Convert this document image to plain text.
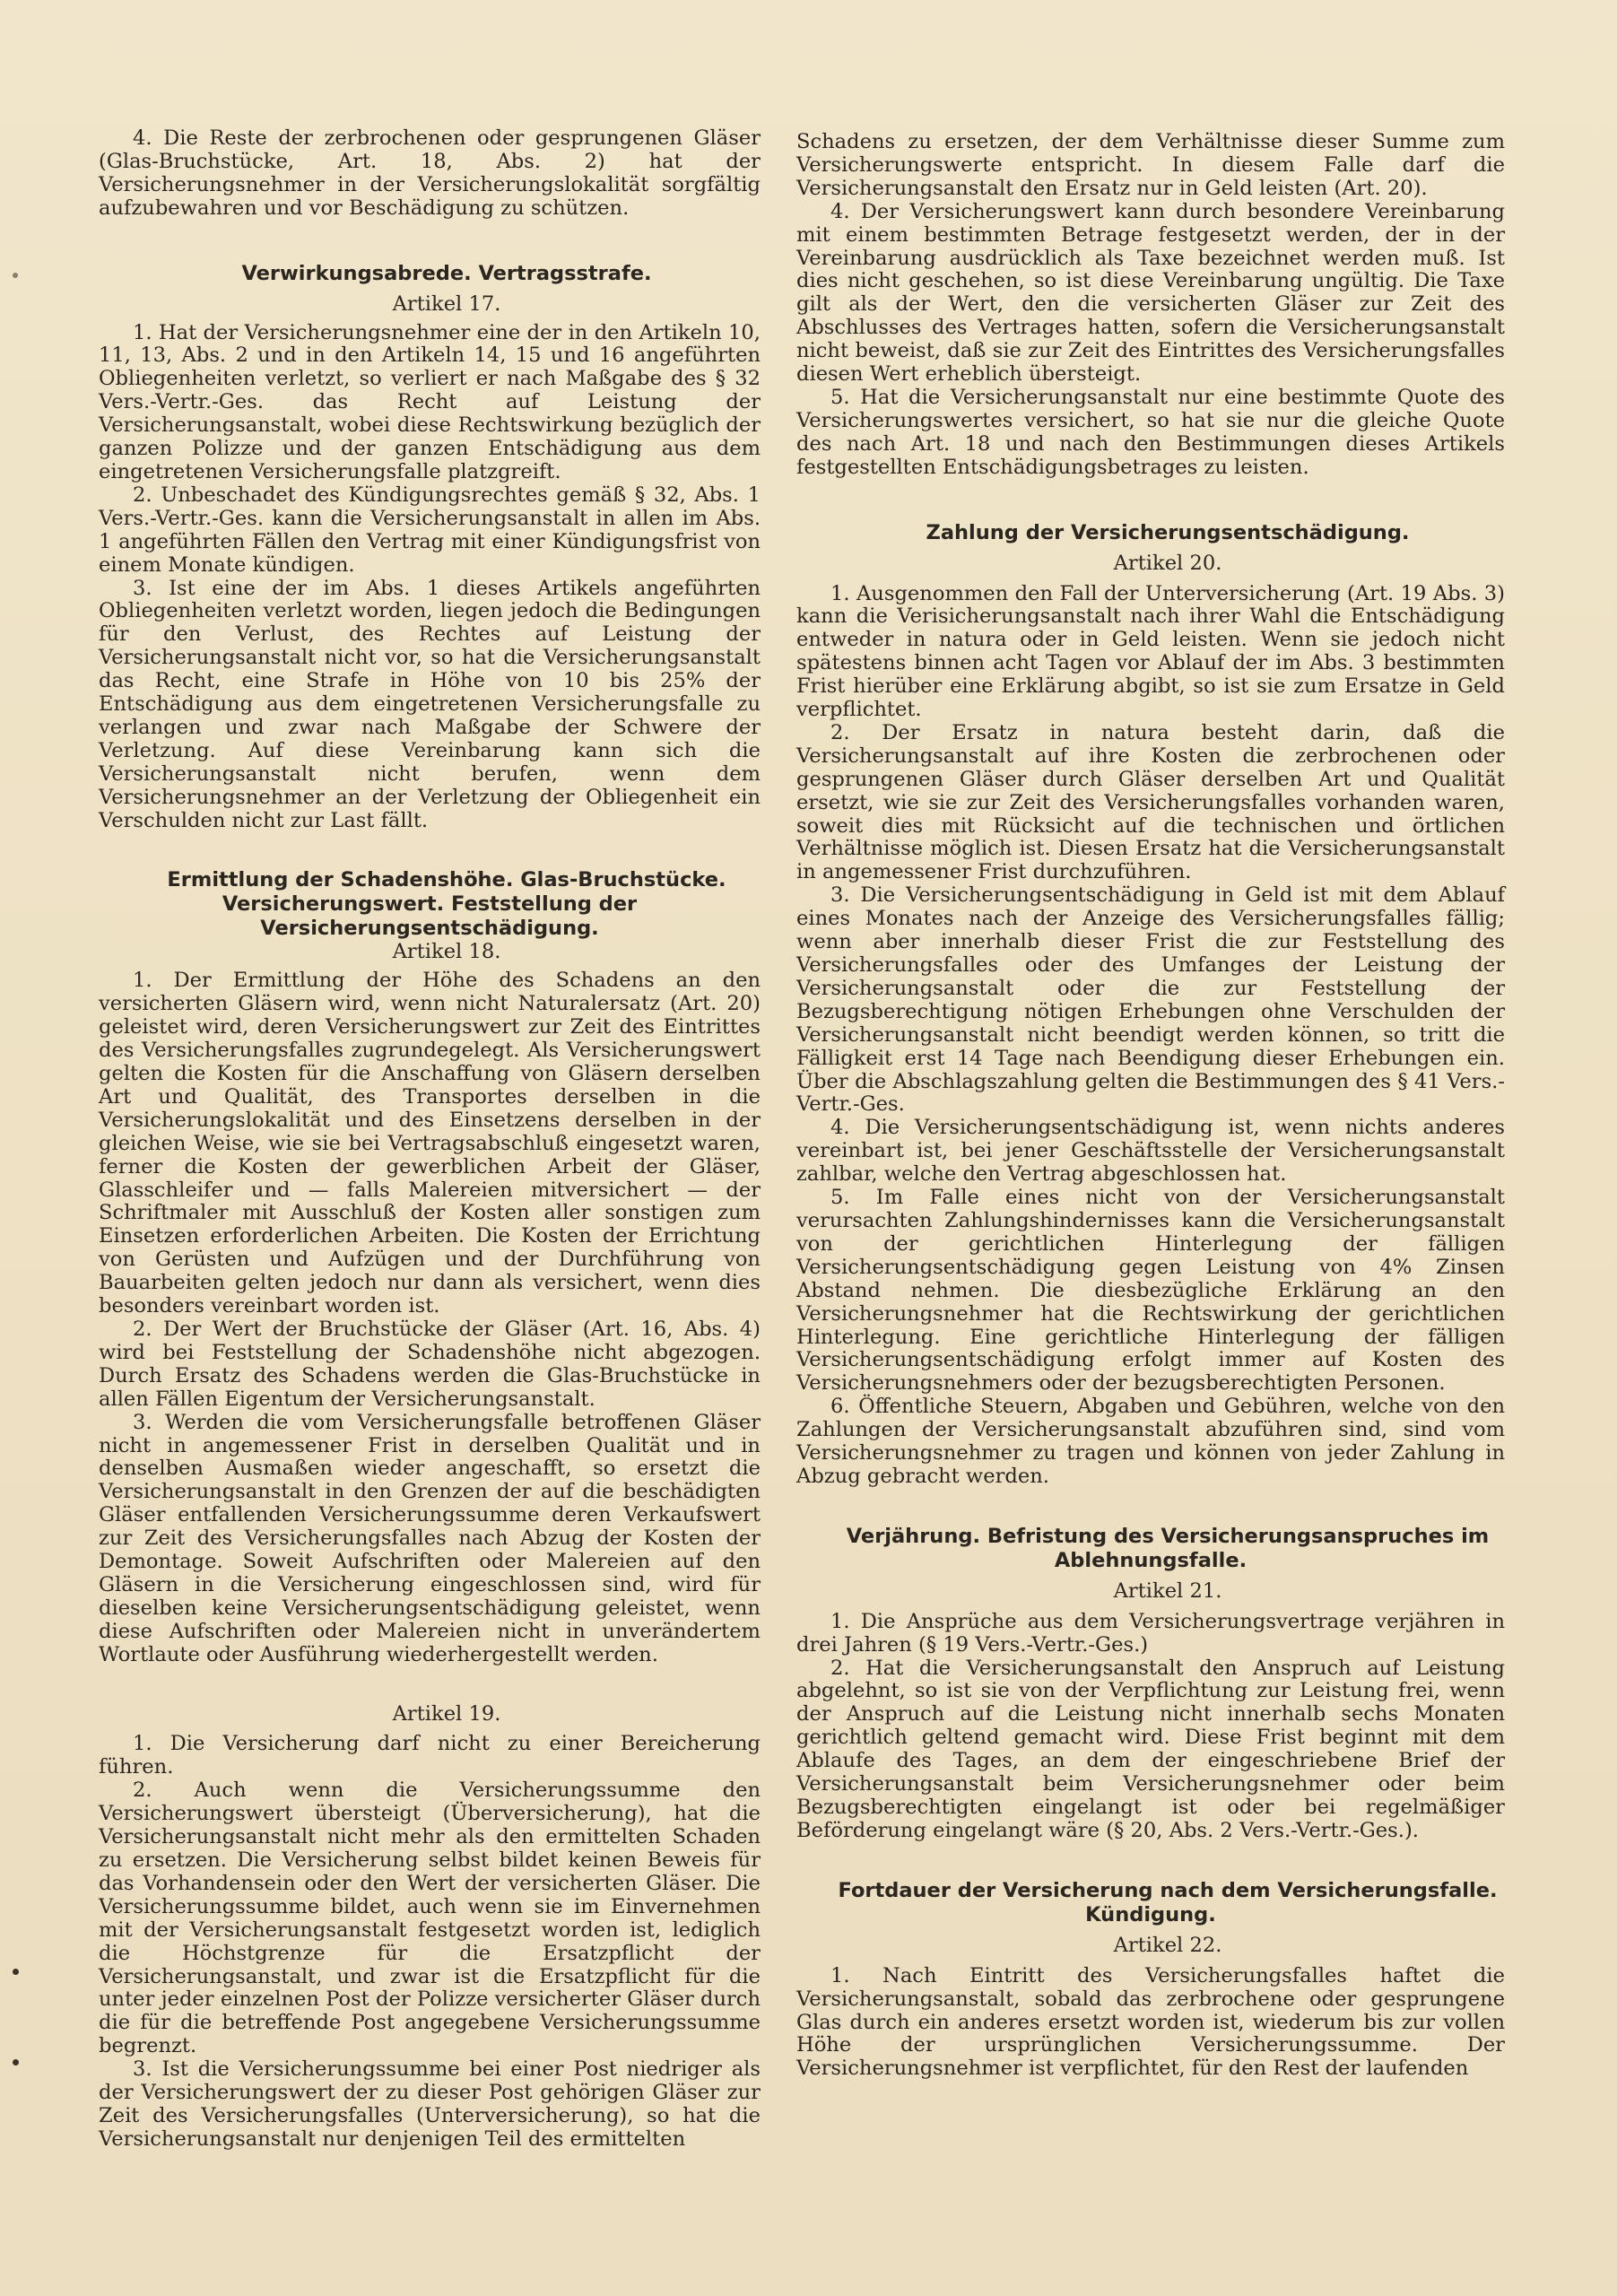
4. Die Reste der zerbrochenen oder gesprungenen Gläser (Glas-Bruchstücke, Art. 18, Abs. 2) hat der Versicherungsnehmer in der Versicherungslokalität sorgfältig aufzubewahren und vor Beschädigung zu schützen.

Verwirkungsabrede. Vertragsstrafe.

Artikel 17.

1. Hat der Versicherungsnehmer eine der in den Artikeln 10, 11, 13, Abs. 2 und in den Artikeln 14, 15 und 16 angeführten Obliegenheiten verletzt, so verliert er nach Maßgabe des § 32 Vers.-Vertr.-Ges. das Recht auf Leistung der Versicherungsanstalt, wobei diese Rechtswirkung bezüglich der ganzen Polizze und der ganzen Entschädigung aus dem eingetretenen Versicherungsfalle platzgreift.

2. Unbeschadet des Kündigungsrechtes gemäß § 32, Abs. 1 Vers.-Vertr.-Ges. kann die Versicherungsanstalt in allen im Abs. 1 angeführten Fällen den Vertrag mit einer Kündigungsfrist von einem Monate kündigen.

3. Ist eine der im Abs. 1 dieses Artikels angeführten Obliegenheiten verletzt worden, liegen jedoch die Bedingungen für den Verlust, des Rechtes auf Leistung der Versicherungsanstalt nicht vor, so hat die Versicherungsanstalt das Recht, eine Strafe in Höhe von 10 bis 25% der Entschädigung aus dem eingetretenen Versicherungsfalle zu verlangen und zwar nach Maßgabe der Schwere der Verletzung. Auf diese Vereinbarung kann sich die Versicherungsanstalt nicht berufen, wenn dem Versicherungsnehmer an der Verletzung der Obliegenheit ein Verschulden nicht zur Last fällt.

Ermittlung der Schadenshöhe. Glas-Bruchstücke. Versicherungswert. Feststellung der Versicherungsentschädigung.

Artikel 18.

1. Der Ermittlung der Höhe des Schadens an den versicherten Gläsern wird, wenn nicht Naturalersatz (Art. 20) geleistet wird, deren Versicherungswert zur Zeit des Eintrittes des Versicherungsfalles zugrundegelegt. Als Versicherungswert gelten die Kosten für die Anschaffung von Gläsern derselben Art und Qualität, des Transportes derselben in die Versicherungslokalität und des Einsetzens derselben in der gleichen Weise, wie sie bei Vertragsabschluß eingesetzt waren, ferner die Kosten der gewerblichen Arbeit der Gläser, Glasschleifer und — falls Malereien mitversichert — der Schriftmaler mit Ausschluß der Kosten aller sonstigen zum Einsetzen erforderlichen Arbeiten. Die Kosten der Errichtung von Gerüsten und Aufzügen und der Durchführung von Bauarbeiten gelten jedoch nur dann als versichert, wenn dies besonders vereinbart worden ist.

2. Der Wert der Bruchstücke der Gläser (Art. 16, Abs. 4) wird bei Feststellung der Schadenshöhe nicht abgezogen. Durch Ersatz des Schadens werden die Glas-Bruchstücke in allen Fällen Eigentum der Versicherungsanstalt.

3. Werden die vom Versicherungsfalle betroffenen Gläser nicht in angemessener Frist in derselben Qualität und in denselben Ausmaßen wieder angeschafft, so ersetzt die Versicherungsanstalt in den Grenzen der auf die beschädigten Gläser entfallenden Versicherungssumme deren Verkaufswert zur Zeit des Versicherungsfalles nach Abzug der Kosten der Demontage. Soweit Aufschriften oder Malereien auf den Gläsern in die Versicherung eingeschlossen sind, wird für dieselben keine Versicherungsentschädigung geleistet, wenn diese Aufschriften oder Malereien nicht in unverändertem Wortlaute oder Ausführung wiederhergestellt werden.

Artikel 19.

1. Die Versicherung darf nicht zu einer Bereicherung führen.

2. Auch wenn die Versicherungssumme den Versicherungswert übersteigt (Überversicherung), hat die Versicherungsanstalt nicht mehr als den ermittelten Schaden zu ersetzen. Die Versicherung selbst bildet keinen Beweis für das Vorhandensein oder den Wert der versicherten Gläser. Die Versicherungssumme bildet, auch wenn sie im Einvernehmen mit der Versicherungsanstalt festgesetzt worden ist, lediglich die Höchstgrenze für die Ersatzpflicht der Versicherungsanstalt, und zwar ist die Ersatzpflicht für die unter jeder einzelnen Post der Polizze versicherter Gläser durch die für die betreffende Post angegebene Versicherungssumme begrenzt.

3. Ist die Versicherungssumme bei einer Post niedriger als der Versicherungswert der zu dieser Post gehörigen Gläser zur Zeit des Versicherungsfalles (Unterversicherung), so hat die Versicherungsanstalt nur denjenigen Teil des ermittelten

Schadens zu ersetzen, der dem Verhältnisse dieser Summe zum Versicherungswerte entspricht. In diesem Falle darf die Versicherungsanstalt den Ersatz nur in Geld leisten (Art. 20).

4. Der Versicherungswert kann durch besondere Vereinbarung mit einem bestimmten Betrage festgesetzt werden, der in der Vereinbarung ausdrücklich als Taxe bezeichnet werden muß. Ist dies nicht geschehen, so ist diese Vereinbarung ungültig. Die Taxe gilt als der Wert, den die versicherten Gläser zur Zeit des Abschlusses des Vertrages hatten, sofern die Versicherungsanstalt nicht beweist, daß sie zur Zeit des Eintrittes des Versicherungsfalles diesen Wert erheblich übersteigt.

5. Hat die Versicherungsanstalt nur eine bestimmte Quote des Versicherungswertes versichert, so hat sie nur die gleiche Quote des nach Art. 18 und nach den Bestimmungen dieses Artikels festgestellten Entschädigungsbetrages zu leisten.

Zahlung der Versicherungsentschädigung.

Artikel 20.

1. Ausgenommen den Fall der Unterversicherung (Art. 19 Abs. 3) kann die Verisicherungsanstalt nach ihrer Wahl die Entschädigung entweder in natura oder in Geld leisten. Wenn sie jedoch nicht spätestens binnen acht Tagen vor Ablauf der im Abs. 3 bestimmten Frist hierüber eine Erklärung abgibt, so ist sie zum Ersatze in Geld verpflichtet.

2. Der Ersatz in natura besteht darin, daß die Versicherungsanstalt auf ihre Kosten die zerbrochenen oder gesprungenen Gläser durch Gläser derselben Art und Qualität ersetzt, wie sie zur Zeit des Versicherungsfalles vorhanden waren, soweit dies mit Rücksicht auf die technischen und örtlichen Verhältnisse möglich ist. Diesen Ersatz hat die Versicherungsanstalt in angemessener Frist durchzuführen.

3. Die Versicherungsentschädigung in Geld ist mit dem Ablauf eines Monates nach der Anzeige des Versicherungsfalles fällig; wenn aber innerhalb dieser Frist die zur Feststellung des Versicherungsfalles oder des Umfanges der Leistung der Versicherungsanstalt oder die zur Feststellung der Bezugsberechtigung nötigen Erhebungen ohne Verschulden der Versicherungsanstalt nicht beendigt werden können, so tritt die Fälligkeit erst 14 Tage nach Beendigung dieser Erhebungen ein. Über die Abschlagszahlung gelten die Bestimmungen des § 41 Vers.-Vertr.-Ges.

4. Die Versicherungsentschädigung ist, wenn nichts anderes vereinbart ist, bei jener Geschäftsstelle der Versicherungsanstalt zahlbar, welche den Vertrag abgeschlossen hat.

5. Im Falle eines nicht von der Versicherungsanstalt verursachten Zahlungshindernisses kann die Versicherungsanstalt von der gerichtlichen Hinterlegung der fälligen Versicherungsentschädigung gegen Leistung von 4% Zinsen Abstand nehmen. Die diesbezügliche Erklärung an den Versicherungsnehmer hat die Rechtswirkung der gerichtlichen Hinterlegung. Eine gerichtliche Hinterlegung der fälligen Versicherungsentschädigung erfolgt immer auf Kosten des Versicherungsnehmers oder der bezugsberechtigten Personen.

6. Öffentliche Steuern, Abgaben und Gebühren, welche von den Zahlungen der Versicherungsanstalt abzuführen sind, sind vom Versicherungsnehmer zu tragen und können von jeder Zahlung in Abzug gebracht werden.

Verjährung. Befristung des Versicherungsanspruches im Ablehnungsfalle.

Artikel 21.

1. Die Ansprüche aus dem Versicherungsvertrage verjähren in drei Jahren (§ 19 Vers.-Vertr.-Ges.)

2. Hat die Versicherungsanstalt den Anspruch auf Leistung abgelehnt, so ist sie von der Verpflichtung zur Leistung frei, wenn der Anspruch auf die Leistung nicht innerhalb sechs Monaten gerichtlich geltend gemacht wird. Diese Frist beginnt mit dem Ablaufe des Tages, an dem der eingeschriebene Brief der Versicherungsanstalt beim Versicherungsnehmer oder beim Bezugsberechtigten eingelangt ist oder bei regelmäßiger Beförderung eingelangt wäre (§ 20, Abs. 2 Vers.-Vertr.-Ges.).

Fortdauer der Versicherung nach dem Versicherungsfalle. Kündigung.

Artikel 22.

1. Nach Eintritt des Versicherungsfalles haftet die Versicherungsanstalt, sobald das zerbrochene oder gesprungene Glas durch ein anderes ersetzt worden ist, wiederum bis zur vollen Höhe der ursprünglichen Versicherungssumme. Der Versicherungsnehmer ist verpflichtet, für den Rest der laufenden
